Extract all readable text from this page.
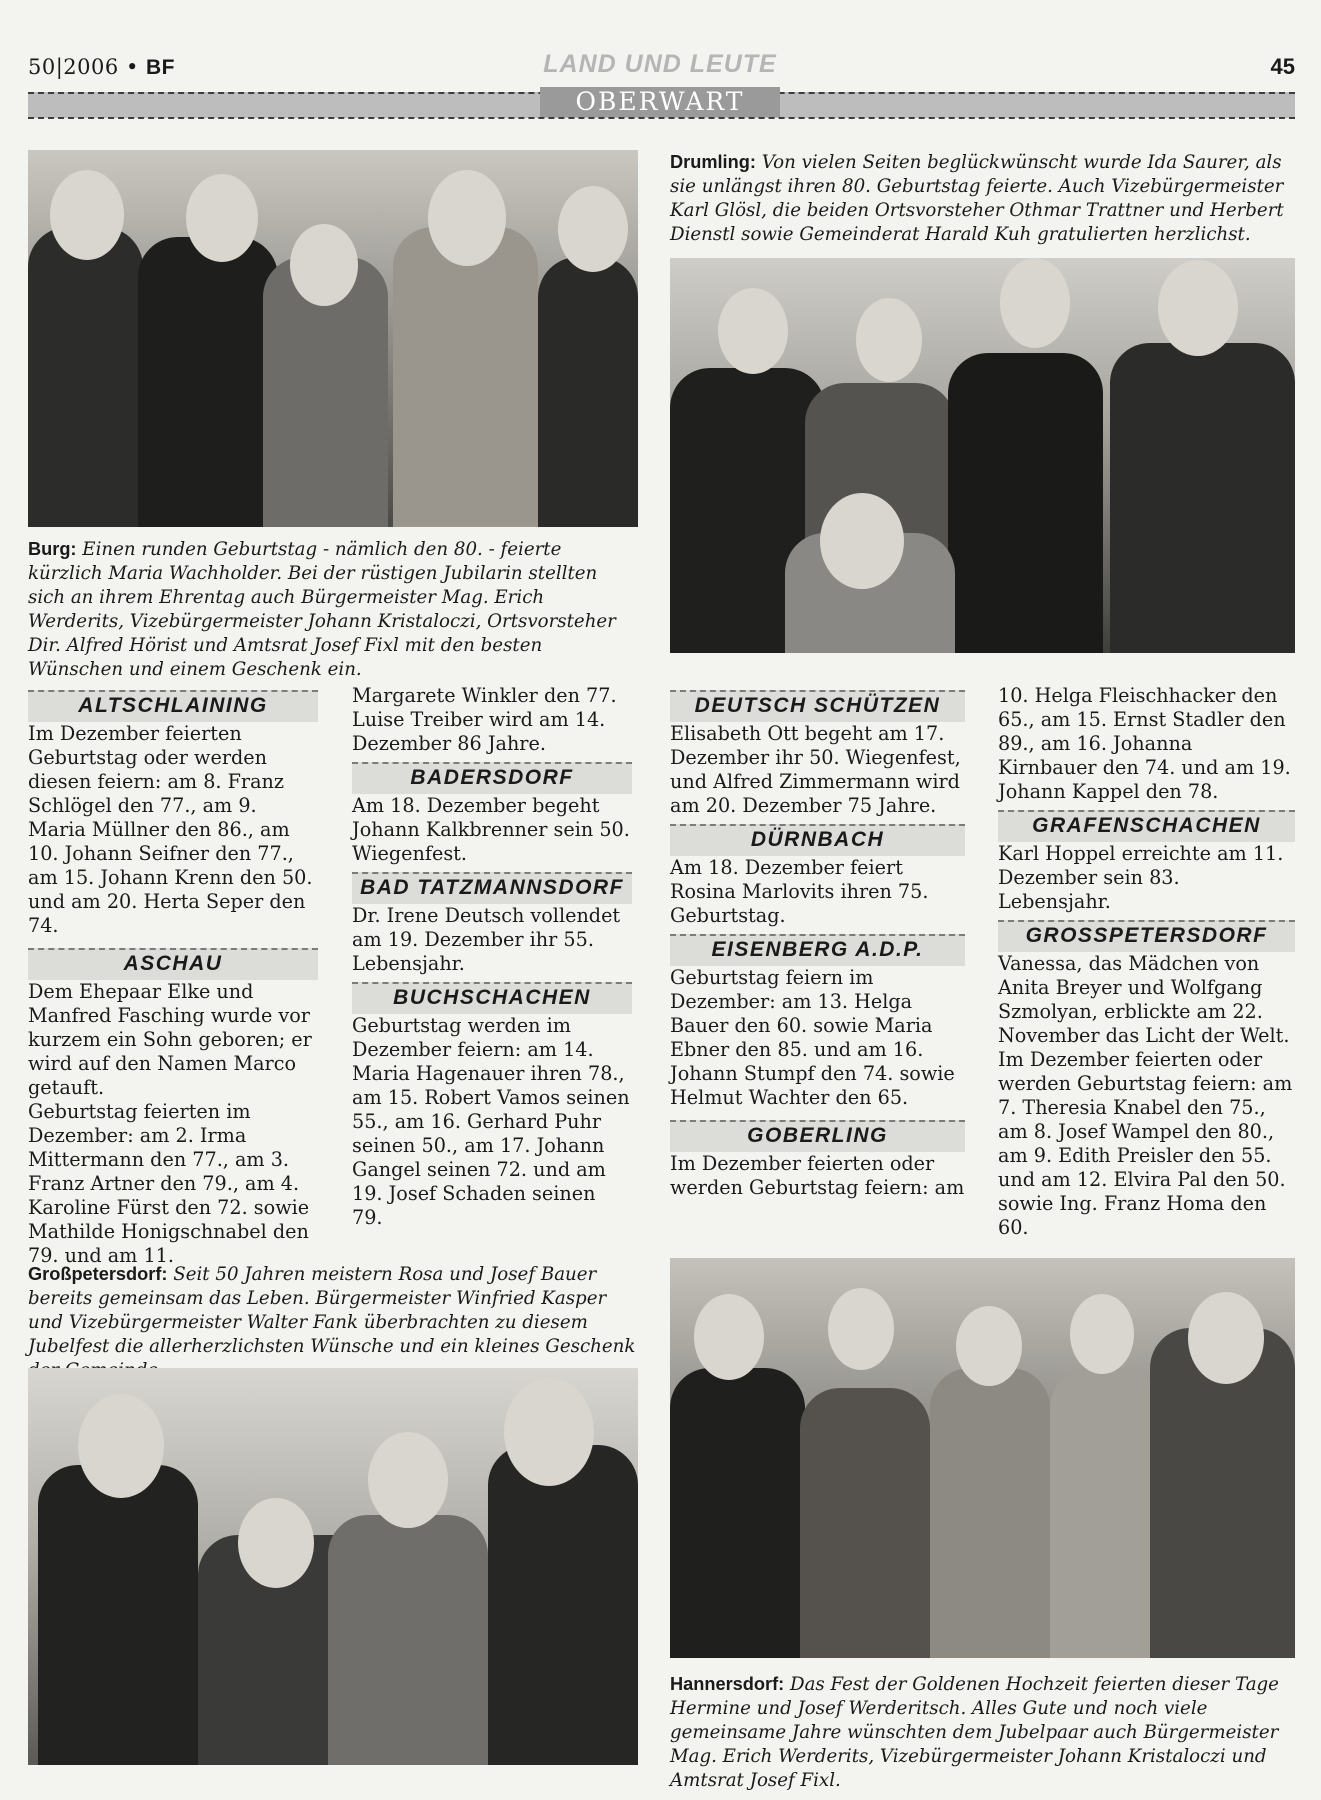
50|2006 • BF	LAND UND LEUTE	45
OBERWART
Burg: Einen runden Geburtstag - nämlich den 80. - feierte kürzlich Maria Wachholder. Bei der rüstigen Jubilarin stellten sich an ihrem Ehrentag auch Bürgermeister Mag. Erich Werderits, Vizebürgermeister Johann Kristaloczi, Ortsvorsteher Dir. Alfred Hörist und Amtsrat Josef Fixl mit den besten Wünschen und einem Geschenk ein.
Drumling: Von vielen Seiten beglückwünscht wurde Ida Saurer, als sie unlängst ihren 80. Geburtstag feierte. Auch Vizebürgermeister Karl Glösl, die beiden Ortsvorsteher Othmar Trattner und Herbert Dienstl sowie Gemeinderat Harald Kuh gratulierten herzlichst.
ALTSCHLAINING

Im Dezember feierten Geburtstag oder werden diesen feiern: am 8. Franz Schlögel den 77., am 9. Maria Müllner den 86., am 10. Johann Seifner den 77., am 15. Johann Krenn den 50. und am 20. Herta Seper den 74.

ASCHAU

Dem Ehepaar Elke und Manfred Fasching wurde vor kurzem ein Sohn geboren; er wird auf den Namen Marco getauft.

Geburtstag feierten im Dezember: am 2. Irma Mittermann den 77., am 3. Franz Artner den 79., am 4. Karoline Fürst den 72. sowie Mathilde Honigschnabel den 79. und am 11.

Margarete Winkler den 77. Luise Treiber wird am 14. Dezember 86 Jahre.

BADERSDORF

Am 18. Dezember begeht Johann Kalkbrenner sein 50. Wiegenfest.

BAD TATZMANNSDORF

Dr. Irene Deutsch vollendet am 19. Dezember ihr 55. Lebensjahr.

BUCHSCHACHEN

Geburtstag werden im Dezember feiern: am 14. Maria Hagenauer ihren 78., am 15. Robert Vamos seinen 55., am 16. Gerhard Puhr seinen 50., am 17. Johann Gangel seinen 72. und am 19. Josef Schaden seinen 79.

DEUTSCH SCHÜTZEN

Elisabeth Ott begeht am 17. Dezember ihr 50. Wiegenfest, und Alfred Zimmermann wird am 20. Dezember 75 Jahre.

DÜRNBACH

Am 18. Dezember feiert Rosina Marlovits ihren 75. Geburtstag.

EISENBERG A.D.P.

Geburtstag feiern im Dezember: am 13. Helga Bauer den 60. sowie Maria Ebner den 85. und am 16. Johann Stumpf den 74. sowie Helmut Wachter den 65.

GOBERLING

Im Dezember feierten oder werden Geburtstag feiern: am

10. Helga Fleischhacker den 65., am 15. Ernst Stadler den 89., am 16. Johanna Kirnbauer den 74. und am 19. Johann Kappel den 78.

GRAFENSCHACHEN

Karl Hoppel erreichte am 11. Dezember sein 83. Lebensjahr.

GROSSPETERSDORF

Vanessa, das Mädchen von Anita Breyer und Wolfgang Szmolyan, erblickte am 22. November das Licht der Welt. Im Dezember feierten oder werden Geburtstag feiern: am 7. Theresia Knabel den 75., am 8. Josef Wampel den 80., am 9. Edith Preisler den 55. und am 12. Elvira Pal den 50. sowie Ing. Franz Homa den 60.

Großpetersdorf: Seit 50 Jahren meistern Rosa und Josef Bauer bereits gemeinsam das Leben. Bürgermeister Winfried Kasper und Vizebürgermeister Walter Fank überbrachten zu diesem Jubelfest die allerherzlichsten Wünsche und ein kleines Geschenk
Hannersdorf: Das Fest der Goldenen Hochzeit feierten dieser Tage Hermine und Josef Werderitsch. Alles Gute und noch viele gemeinsame Jahre wünschten dem Jubelpaar auch Bürgermeister Mag. Erich Werderits, Vizebürgermeister Johann Kristaloczi und Amtsrat Josef Fixl.
